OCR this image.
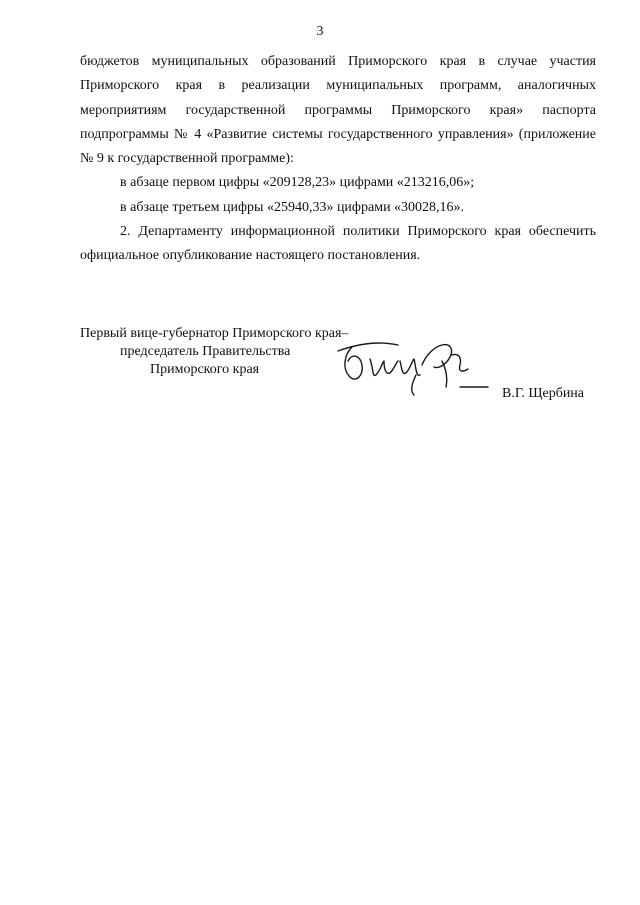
3

бюджетов муниципальных образований Приморского края в случае участия Приморского края в реализации муниципальных программ, аналогичных мероприятиям государственной программы Приморского края» паспорта подпрограммы № 4 «Развитие системы государственного управления» (приложение № 9 к государственной программе):

в абзаце первом цифры «209128,23» цифрами «213216,06»;

в абзаце третьем цифры «25940,33» цифрами «30028,16».

2. Департаменту информационной политики Приморского края обеспечить официальное опубликование настоящего постановления.

Первый вице-губернатор Приморского края–
председатель Правительства
Приморского края
В.Г. Щербина
